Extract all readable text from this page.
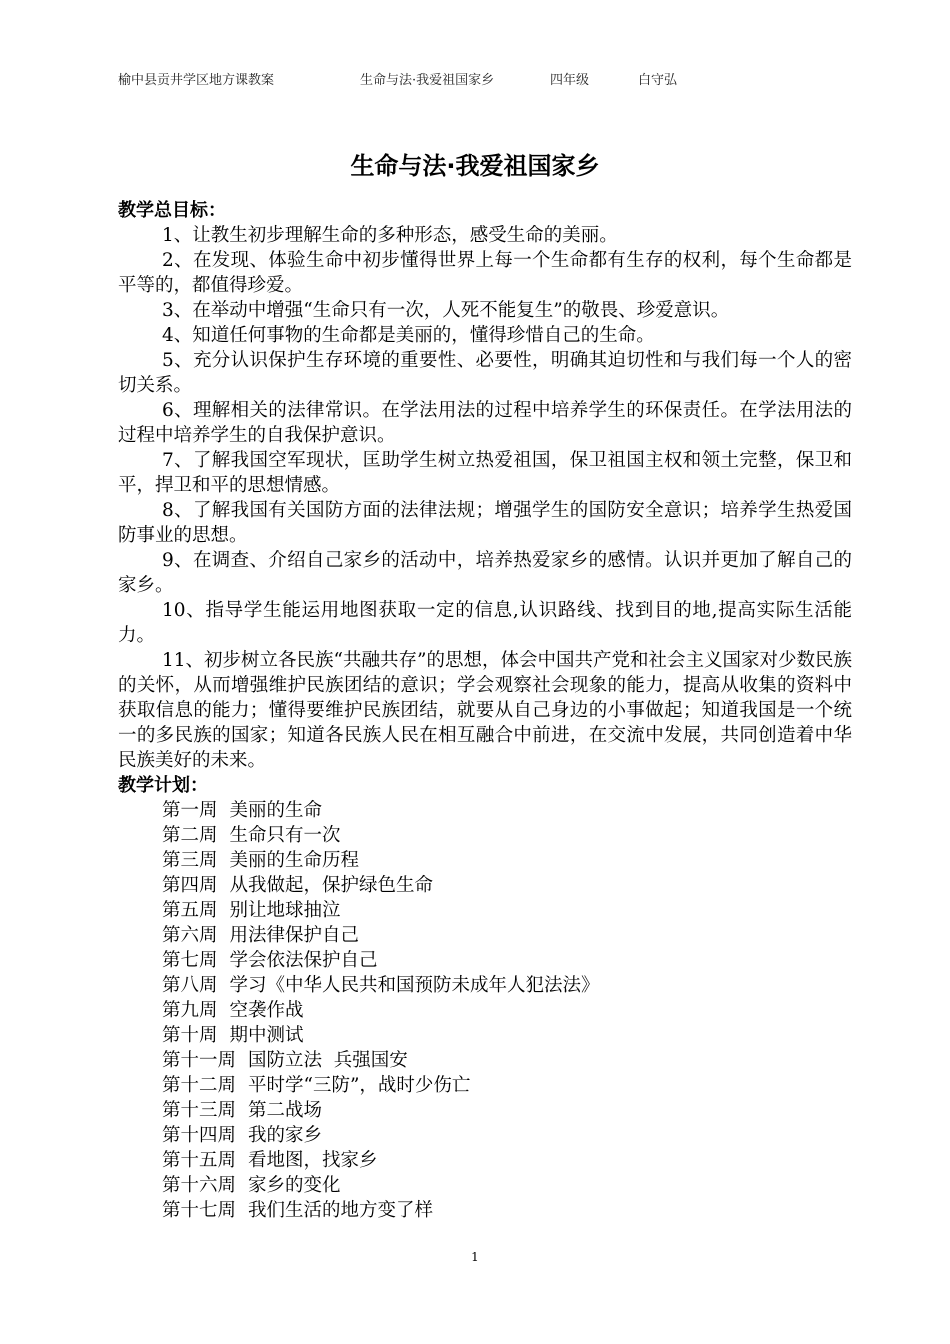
榆中县贡井学区地方课教案	生命与法·我爱祖国家乡	四年级	白守弘
生命与法·我爱祖国家乡
教学总目标：

1、让教生初步理解生命的多种形态，感受生命的美丽。

2、在发现、体验生命中初步懂得世界上每一个生命都有生存的权利，每个生命都是平等的，都值得珍爱。

3、在举动中增强“生命只有一次，人死不能复生”的敬畏、珍爱意识。

4、知道任何事物的生命都是美丽的，懂得珍惜自己的生命。

5、充分认识保护生存环境的重要性、必要性，明确其迫切性和与我们每一个人的密切关系。

6、理解相关的法律常识。在学法用法的过程中培养学生的环保责任。在学法用法的过程中培养学生的自我保护意识。

7、了解我国空军现状，匡助学生树立热爱祖国，保卫祖国主权和领土完整，保卫和平，捍卫和平的思想情感。

8、了解我国有关国防方面的法律法规；增强学生的国防安全意识；培养学生热爱国防事业的思想。

9、在调查、介绍自己家乡的活动中，培养热爱家乡的感情。认识并更加了解自己的家乡。

10、指导学生能运用地图获取一定的信息,认识路线、找到目的地,提高实际生活能力。

11、初步树立各民族“共融共存”的思想，体会中国共产党和社会主义国家对少数民族的关怀，从而增强维护民族团结的意识；学会观察社会现象的能力，提高从收集的资料中获取信息的能力；懂得要维护民族团结，就要从自己身边的小事做起；知道我国是一个统一的多民族的国家；知道各民族人民在相互融合中前进，在交流中发展，共同创造着中华民族美好的未来。

教学计划：
第一周 美丽的生命
第二周 生命只有一次
第三周 美丽的生命历程
第四周 从我做起，保护绿色生命
第五周 别让地球抽泣
第六周 用法律保护自己
第七周 学会依法保护自己
第八周 学习《中华人民共和国预防未成年人犯法法》
第九周 空袭作战
第十周 期中测试
第十一周 国防立法  兵强国安
第十二周 平时学“三防”，战时少伤亡
第十三周 第二战场
第十四周 我的家乡
第十五周 看地图，找家乡
第十六周 家乡的变化
第十七周 我们生活的地方变了样
1
